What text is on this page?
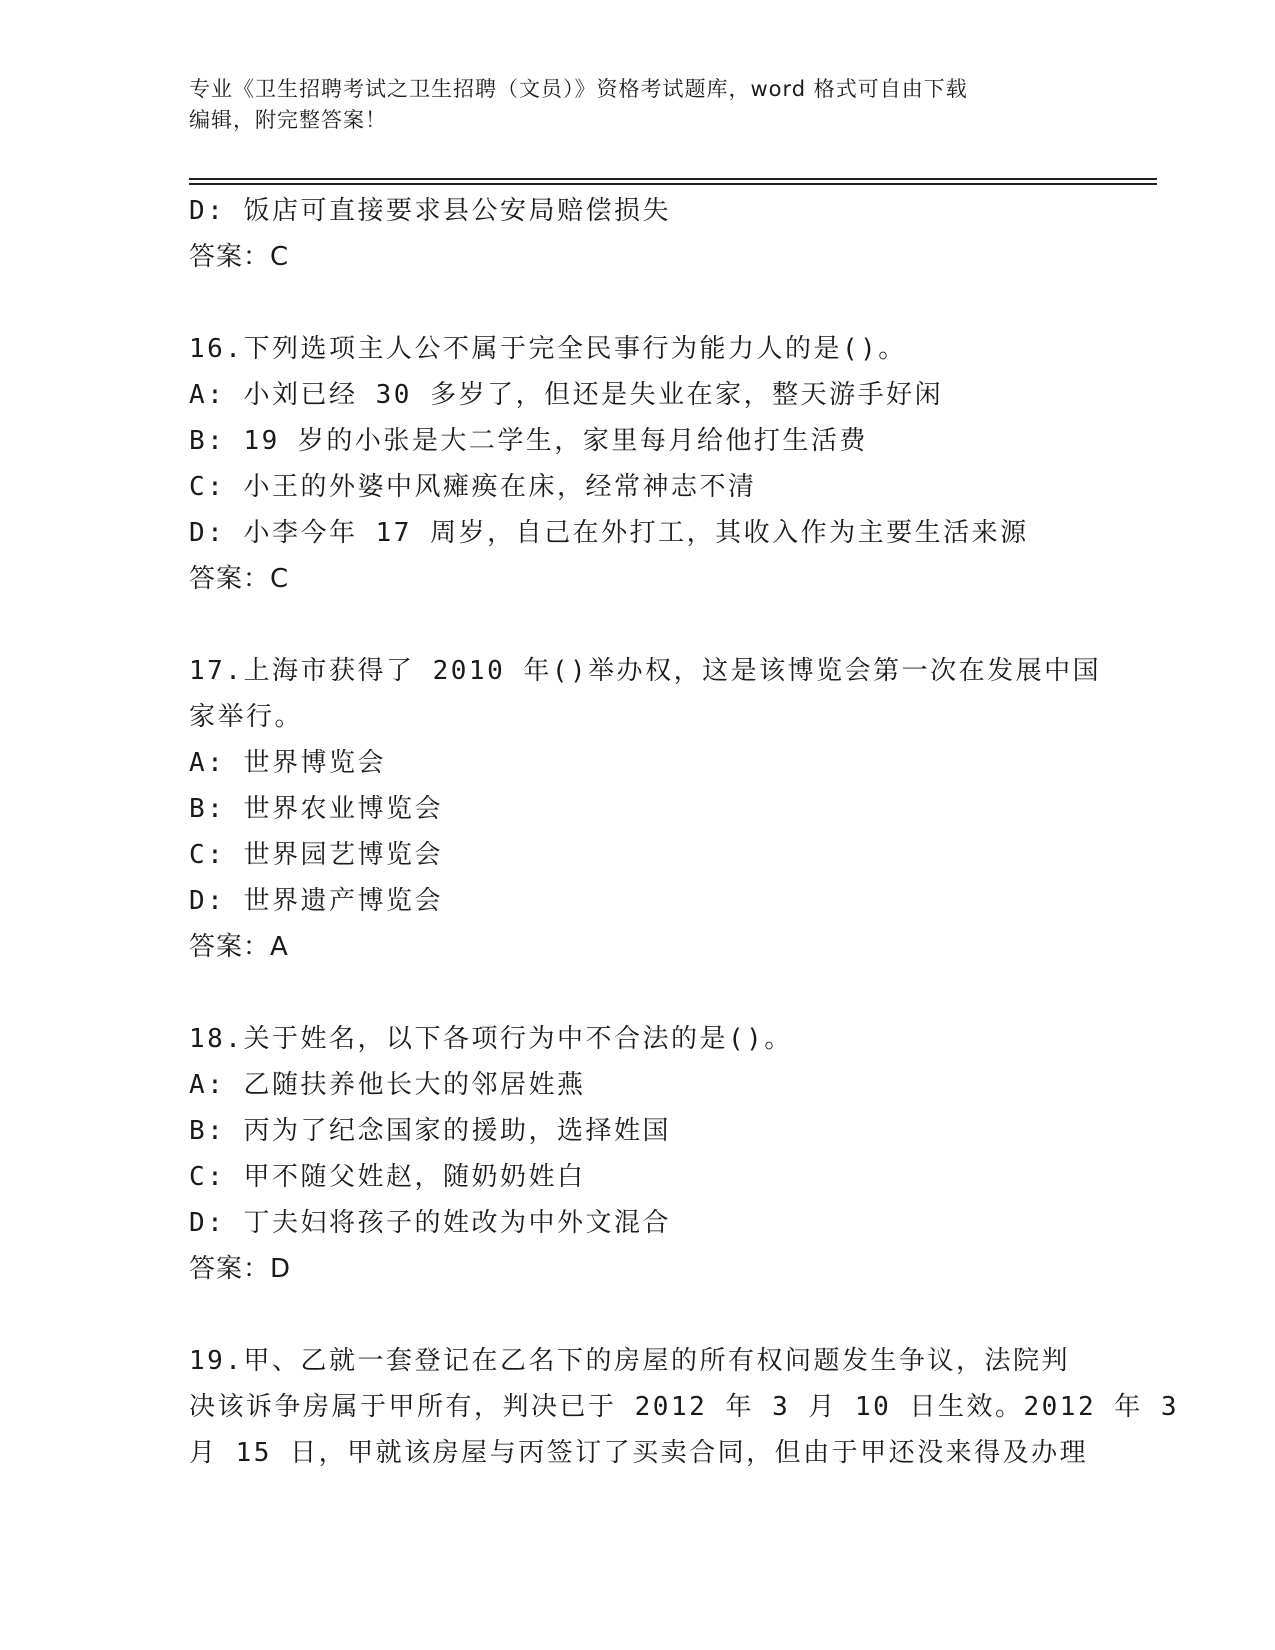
专业《卫生招聘考试之卫生招聘（文员）》资格考试题库，word 格式可自由下载
编辑，附完整答案！
D: 饭店可直接要求县公安局赔偿损失
答案：C
16.下列选项主人公不属于完全民事行为能力人的是()。
A: 小刘已经 30 多岁了，但还是失业在家，整天游手好闲
B: 19 岁的小张是大二学生，家里每月给他打生活费
C: 小王的外婆中风瘫痪在床，经常神志不清
D: 小李今年 17 周岁，自己在外打工，其收入作为主要生活来源
答案：C
17.上海市获得了 2010 年()举办权，这是该博览会第一次在发展中国
家举行。
A: 世界博览会
B: 世界农业博览会
C: 世界园艺博览会
D: 世界遗产博览会
答案：A
18.关于姓名，以下各项行为中不合法的是()。
A: 乙随扶养他长大的邻居姓燕
B: 丙为了纪念国家的援助，选择姓国
C: 甲不随父姓赵，随奶奶姓白
D: 丁夫妇将孩子的姓改为中外文混合
答案：D
19.甲、乙就一套登记在乙名下的房屋的所有权问题发生争议，法院判
决该诉争房属于甲所有，判决已于 2012 年 3 月 10 日生效。2012 年 3
月 15 日，甲就该房屋与丙签订了买卖合同，但由于甲还没来得及办理
